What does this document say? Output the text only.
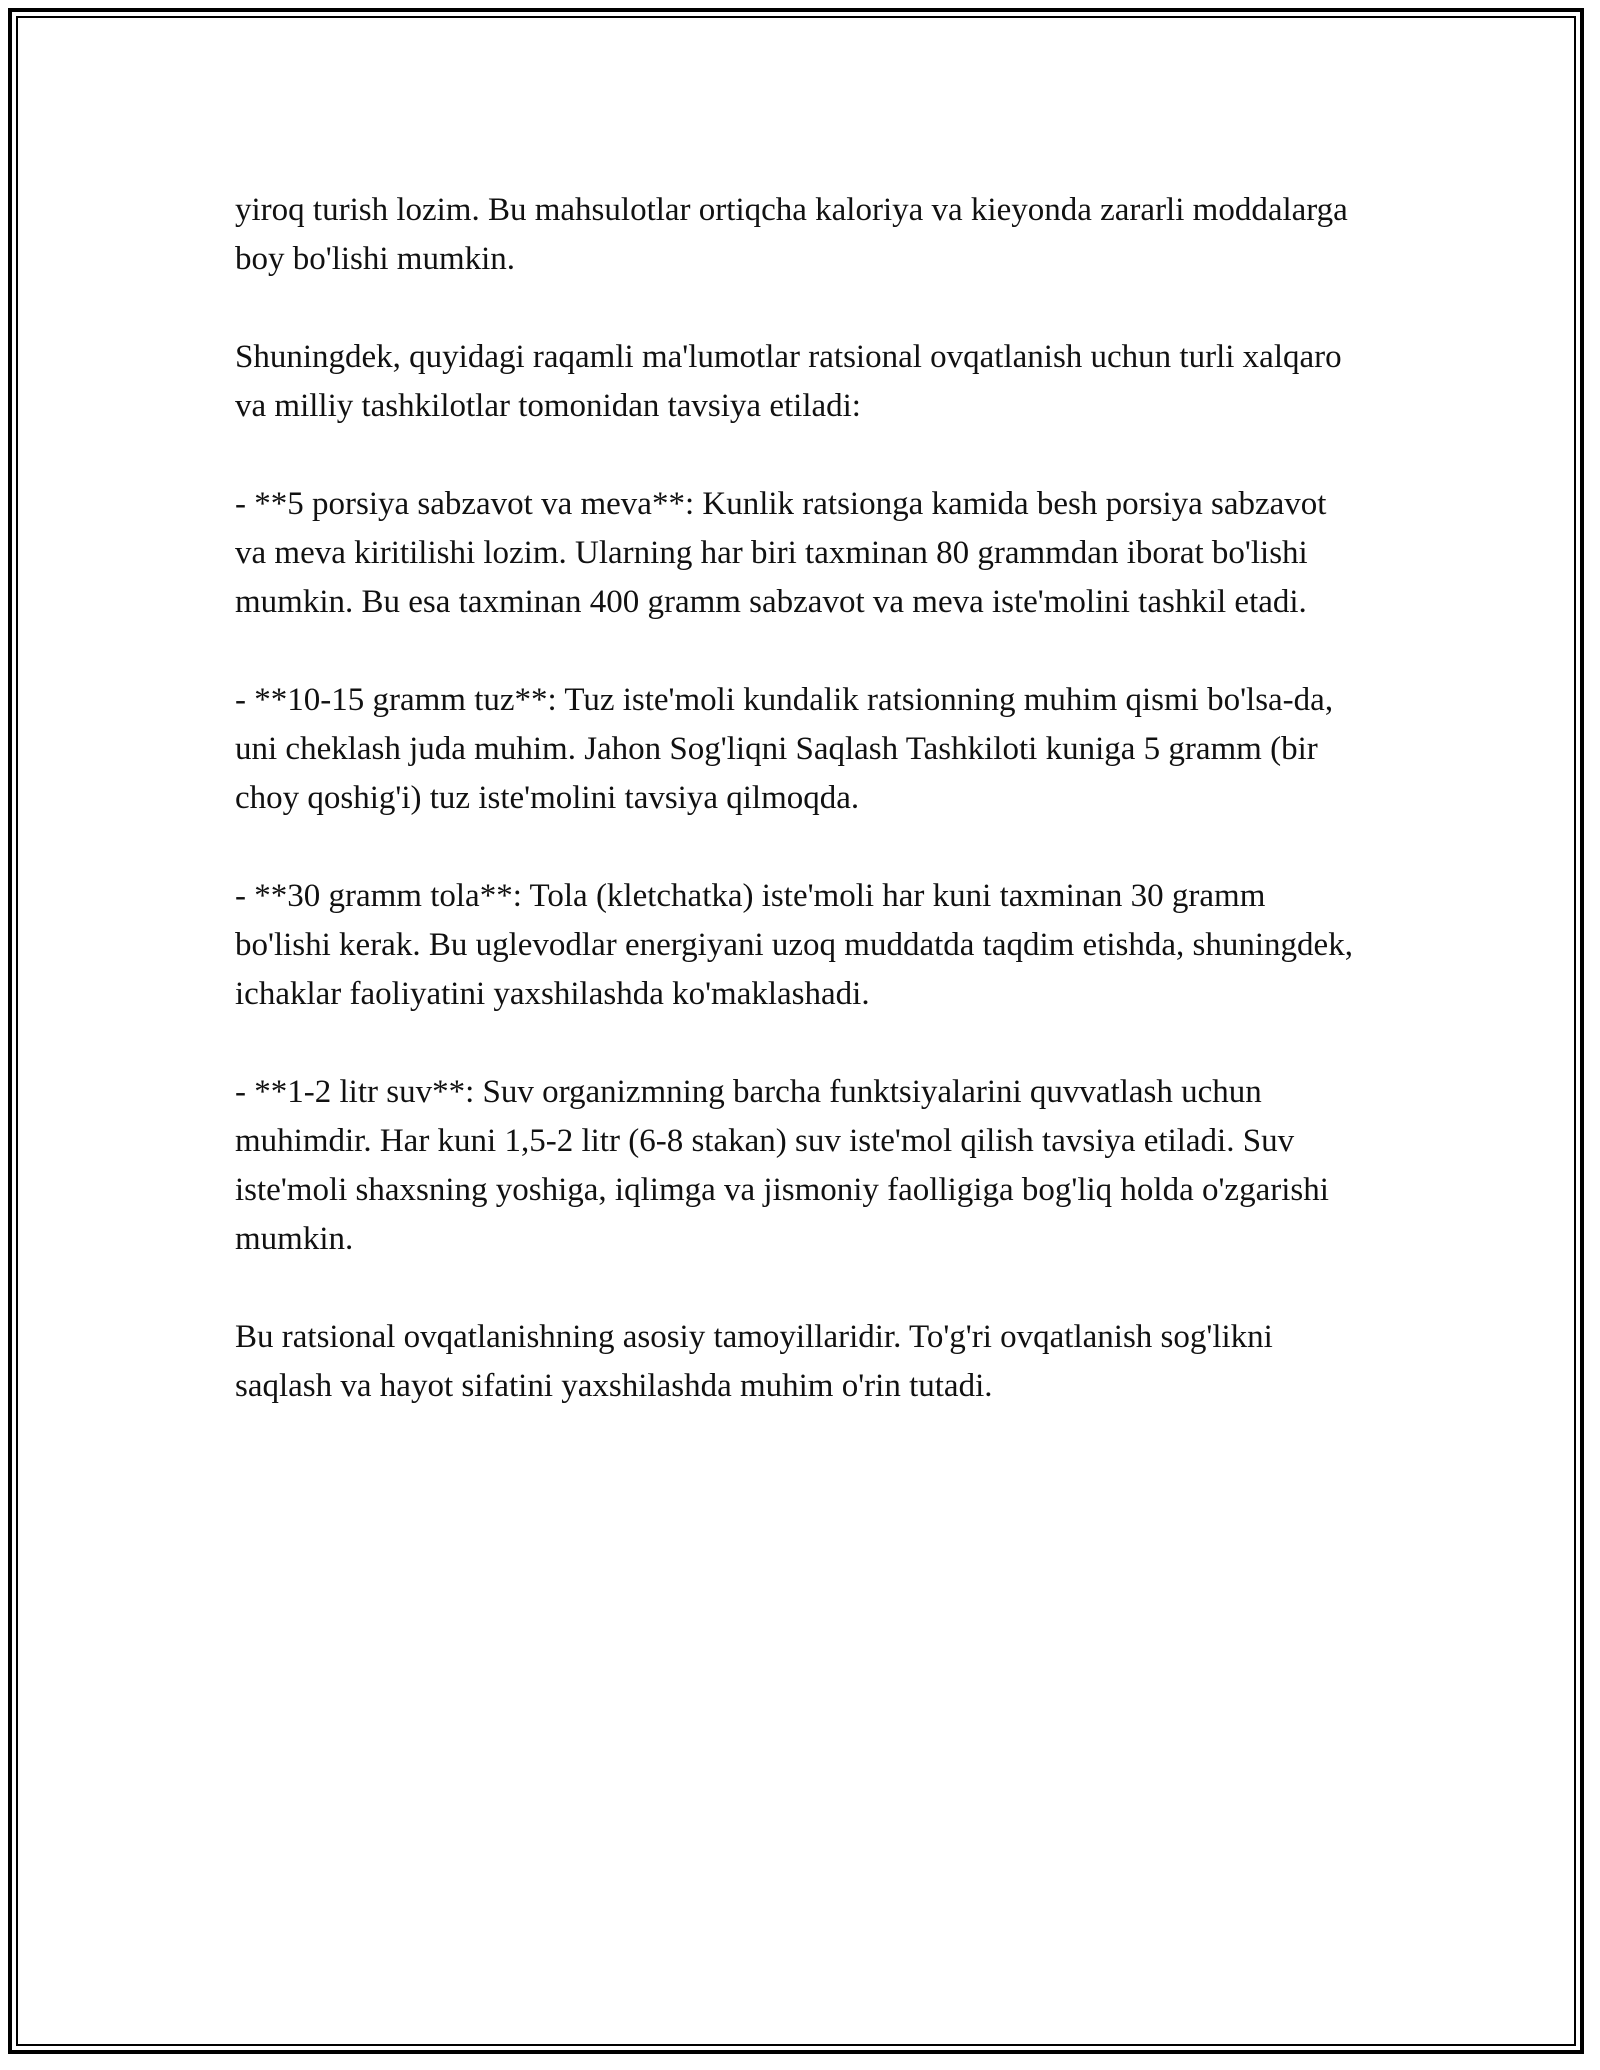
yiroq turish lozim. Bu mahsulotlar ortiqcha kaloriya va kieyonda zararli moddalarga boy bo'lishi mumkin.

Shuningdek, quyidagi raqamli ma'lumotlar ratsional ovqatlanish uchun turli xalqaro va milliy tashkilotlar tomonidan tavsiya etiladi:

- **5 porsiya sabzavot va meva**: Kunlik ratsionga kamida besh porsiya sabzavot va meva kiritilishi lozim. Ularning har biri taxminan 80 grammdan iborat bo'lishi mumkin. Bu esa taxminan 400 gramm sabzavot va meva iste'molini tashkil etadi.

- **10-15 gramm tuz**: Tuz iste'moli kundalik ratsionning muhim qismi bo'lsa-da, uni cheklash juda muhim. Jahon Sog'liqni Saqlash Tashkiloti kuniga 5 gramm (bir choy qoshig'i) tuz iste'molini tavsiya qilmoqda.

- **30 gramm tola**: Tola (kletchatka) iste'moli har kuni taxminan 30 gramm bo'lishi kerak. Bu uglevodlar energiyani uzoq muddatda taqdim etishda, shuningdek, ichaklar faoliyatini yaxshilashda ko'maklashadi.

- **1-2 litr suv**: Suv organizmning barcha funktsiyalarini quvvatlash uchun muhimdir. Har kuni 1,5-2 litr (6-8 stakan) suv iste'mol qilish tavsiya etiladi. Suv iste'moli shaxsning yoshiga, iqlimga va jismoniy faolligiga bog'liq holda o'zgarishi mumkin.

Bu ratsional ovqatlanishning asosiy tamoyillaridir. To'g'ri ovqatlanish sog'likni saqlash va hayot sifatini yaxshilashda muhim o'rin tutadi.
